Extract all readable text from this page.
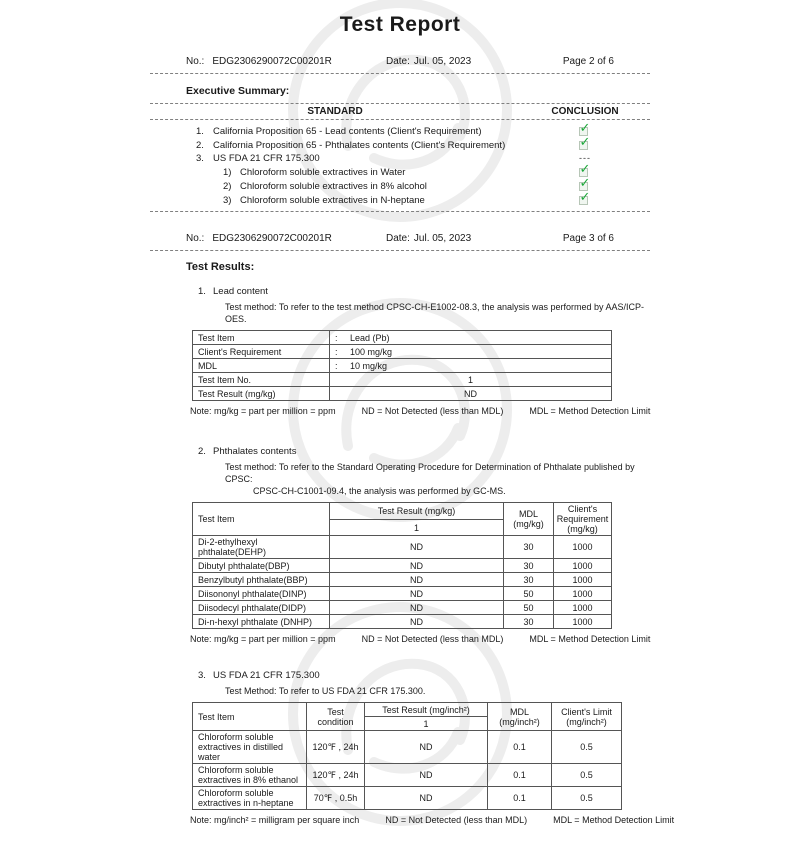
Test Report
No.: EDG2306290072C00201R	Date: Jul. 05, 2023	Page 2 of 6
Executive Summary:
STANDARD	CONCLUSION
1. California Proposition 65 - Lead contents (Client's Requirement)	✓
2. California Proposition 65 - Phthalates contents (Client's Requirement)	✓
3. US FDA 21 CFR 175.300	---
1) Chloroform soluble extractives in Water	✓
2) Chloroform soluble extractives in 8% alcohol	✓
3) Chloroform soluble extractives in N-heptane	✓
No.: EDG2306290072C00201R	Date: Jul. 05, 2023	Page 3 of 6
Test Results:
1. Lead content
Test method: To refer to the test method CPSC-CH-E1002-08.3, the analysis was performed by AAS/ICP-OES.
Test Item	: Lead (Pb)
Client's Requirement	: 100 mg/kg
MDL	: 10 mg/kg
Test Item No.	1
Test Result (mg/kg)	ND
Note: mg/kg = part per million = ppm	ND = Not Detected (less than MDL)	MDL = Method Detection Limit
2. Phthalates contents
Test method: To refer to the Standard Operating Procedure for Determination of Phthalate published by CPSC:
CPSC-CH-C1001-09.4, the analysis was performed by GC-MS.
Test Item	Test Result (mg/kg)	MDL (mg/kg)	Client's Requirement (mg/kg)
	1		
Di-2-ethylhexyl phthalate(DEHP)	ND	30	1000
Dibutyl phthalate(DBP)	ND	30	1000
Benzylbutyl phthalate(BBP)	ND	30	1000
Diisononyl phthalate(DINP)	ND	50	1000
Diisodecyl phthalate(DIDP)	ND	50	1000
Di-n-hexyl phthalate (DNHP)	ND	30	1000
Note: mg/kg = part per million = ppm	ND = Not Detected (less than MDL)	MDL = Method Detection Limit
3. US FDA 21 CFR 175.300
Test Method: To refer to US FDA 21 CFR 175.300.
Test Item	Test condition	Test Result (mg/inch²)	MDL (mg/inch²)	Client's Limit (mg/inch²)
		1		
Chloroform soluble extractives in distilled water	120℉ , 24h	ND	0.1	0.5
Chloroform soluble extractives in 8% ethanol	120℉ , 24h	ND	0.1	0.5
Chloroform soluble extractives in n-heptane	70℉ , 0.5h	ND	0.1	0.5
Note: mg/inch² = milligram per square inch	ND = Not Detected (less than MDL)	MDL = Method Detection Limit
